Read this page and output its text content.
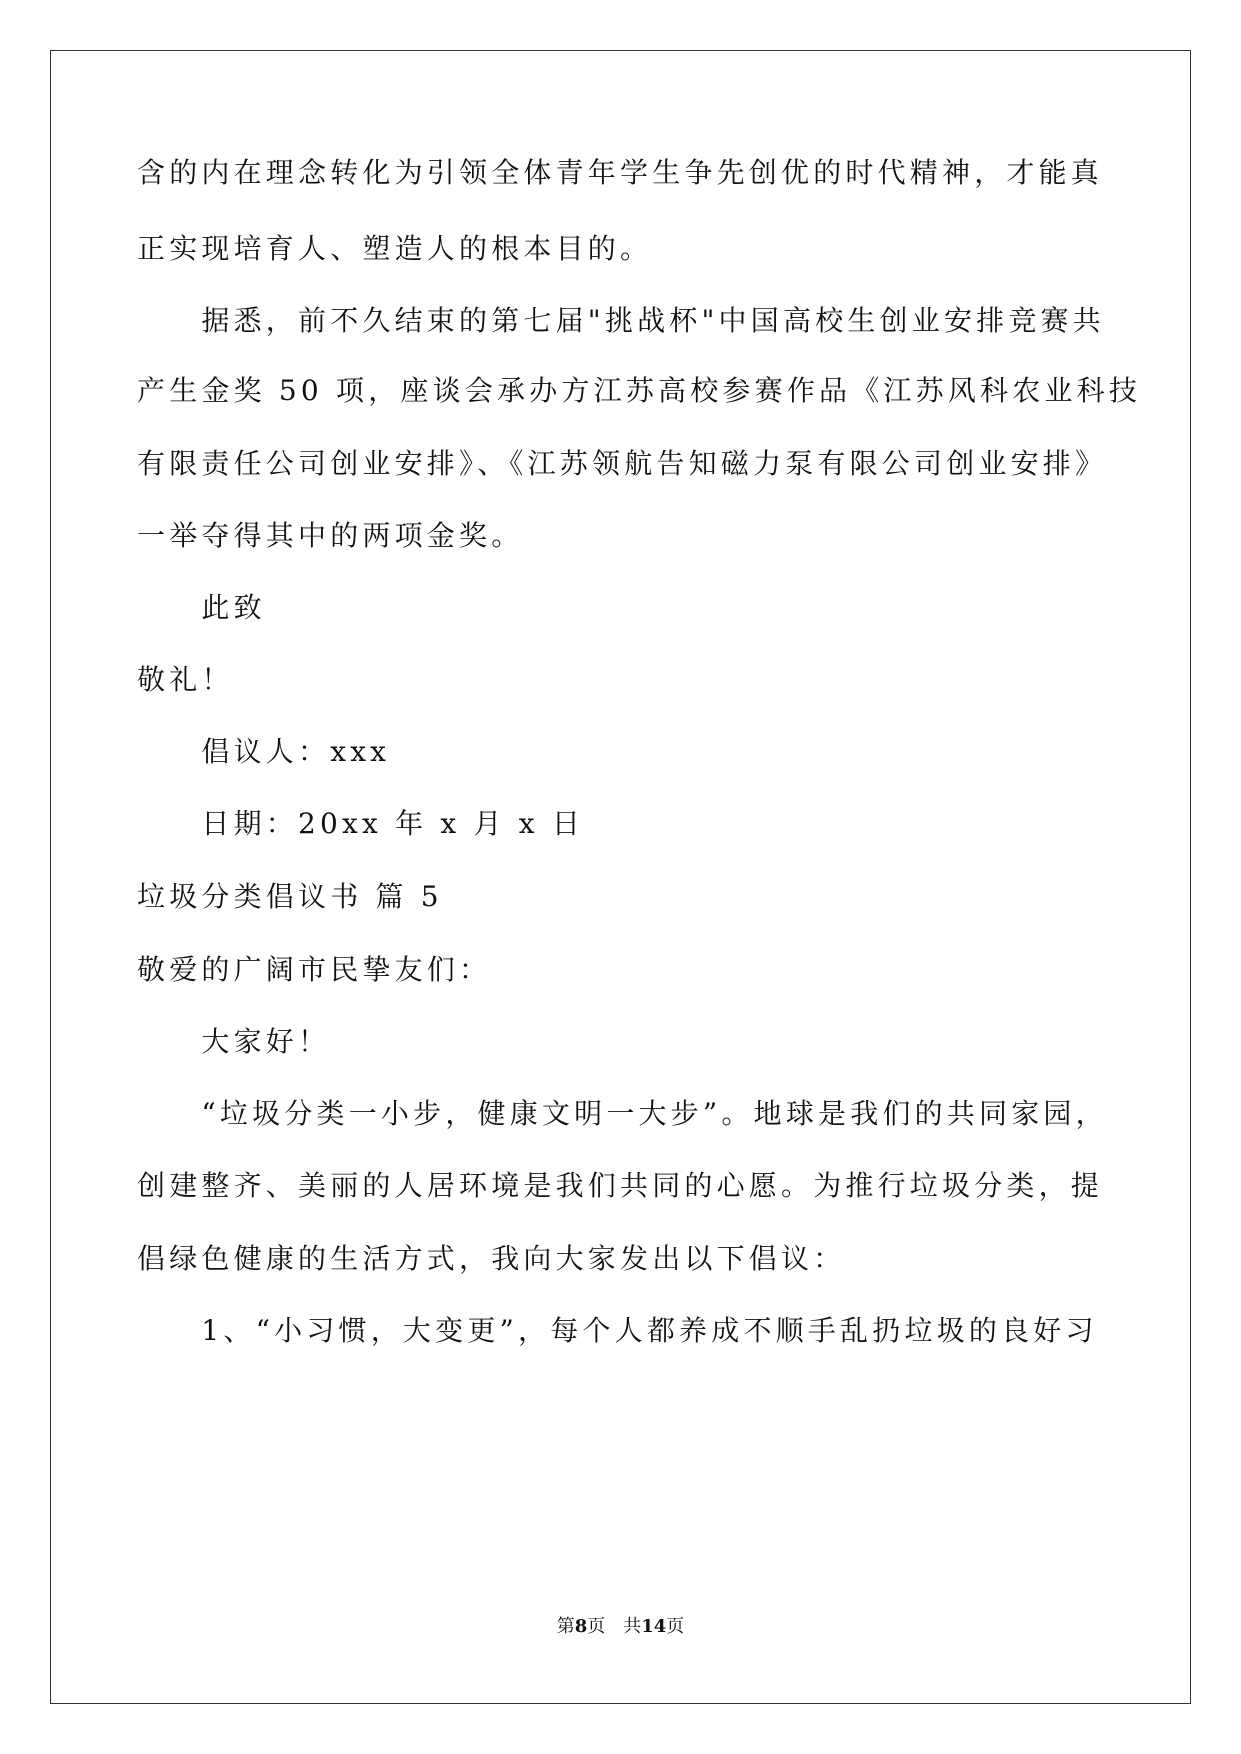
含的内在理念转化为引领全体青年学生争先创优的时代精神，才能真
正实现培育人、塑造人的根本目的。
　　据悉，前不久结束的第七届"挑战杯"中国高校生创业安排竞赛共
产生金奖 50 项，座谈会承办方江苏高校参赛作品《江苏风科农业科技
有限责任公司创业安排》、《江苏领航告知磁力泵有限公司创业安排》
一举夺得其中的两项金奖。
　　此致
敬礼！
　　倡议人：xxx
　　日期：20xx 年 x 月 x 日
垃圾分类倡议书 篇 5
敬爱的广阔市民挚友们：
　　大家好！
　　“垃圾分类一小步，健康文明一大步”。地球是我们的共同家园，
创建整齐、美丽的人居环境是我们共同的心愿。为推行垃圾分类，提
倡绿色健康的生活方式，我向大家发出以下倡议：
　　1、“小习惯，大变更”，每个人都养成不顺手乱扔垃圾的良好习
第8页 共14页
